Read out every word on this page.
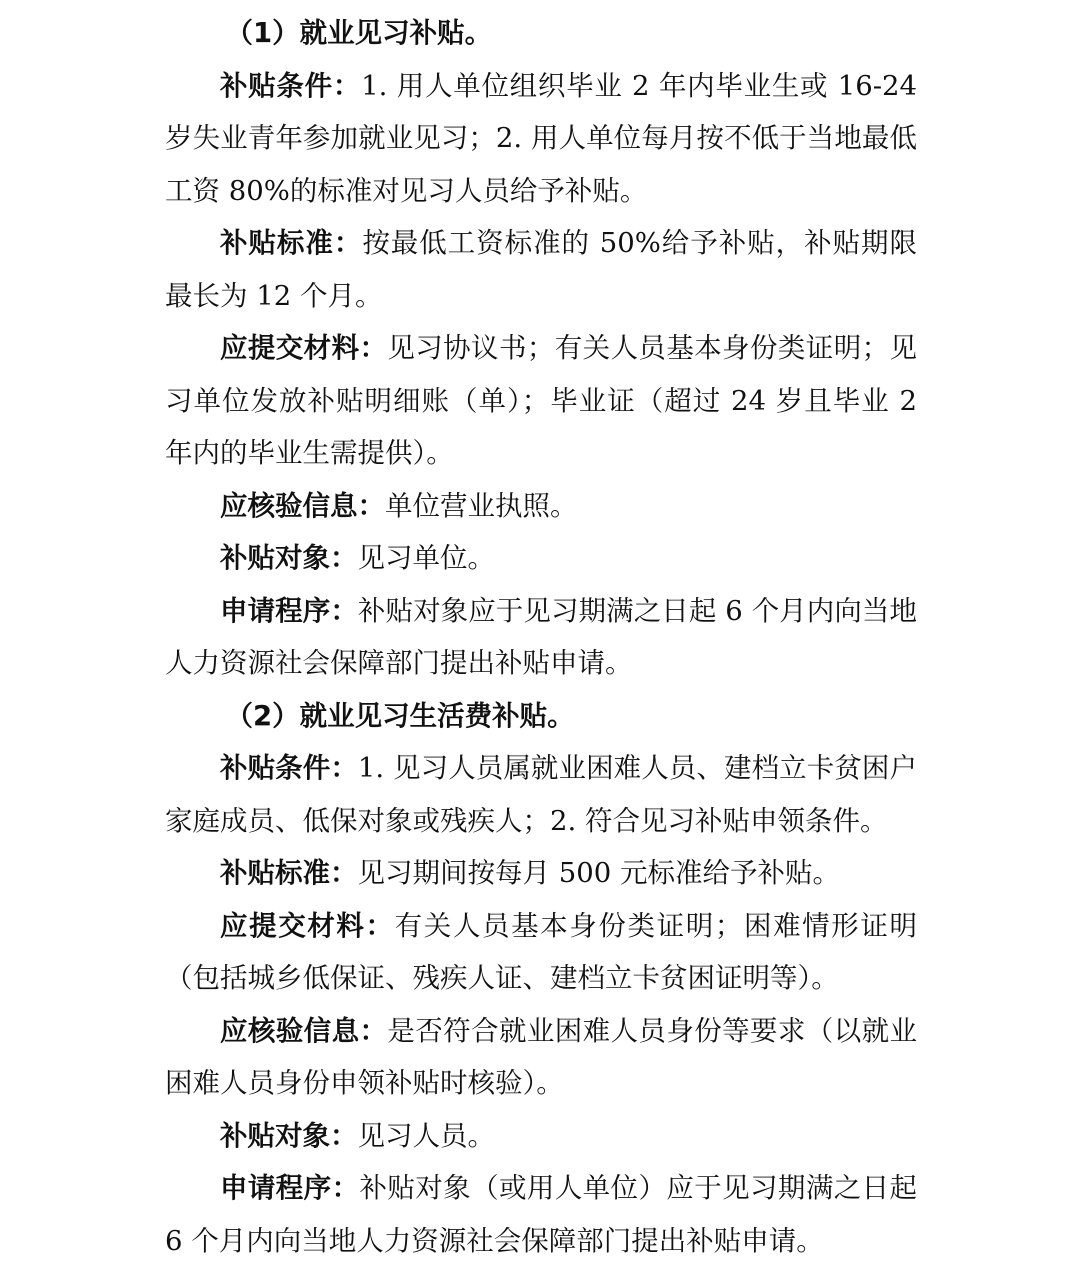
（1）就业见习补贴。

补贴条件：1. 用人单位组织毕业 2 年内毕业生或 16-24 岁失业青年参加就业见习；2. 用人单位每月按不低于当地最低工资 80%的标准对见习人员给予补贴。

补贴标准：按最低工资标准的 50%给予补贴，补贴期限最长为 12 个月。

应提交材料：见习协议书；有关人员基本身份类证明；见习单位发放补贴明细账（单）；毕业证（超过 24 岁且毕业 2 年内的毕业生需提供）。

应核验信息：单位营业执照。

补贴对象：见习单位。

申请程序：补贴对象应于见习期满之日起 6 个月内向当地人力资源社会保障部门提出补贴申请。

（2）就业见习生活费补贴。

补贴条件：1. 见习人员属就业困难人员、建档立卡贫困户家庭成员、低保对象或残疾人；2. 符合见习补贴申领条件。

补贴标准：见习期间按每月 500 元标准给予补贴。

应提交材料：有关人员基本身份类证明；困难情形证明（包括城乡低保证、残疾人证、建档立卡贫困证明等）。

应核验信息：是否符合就业困难人员身份等要求（以就业困难人员身份申领补贴时核验）。

补贴对象：见习人员。

申请程序：补贴对象（或用人单位）应于见习期满之日起 6 个月内向当地人力资源社会保障部门提出补贴申请。
